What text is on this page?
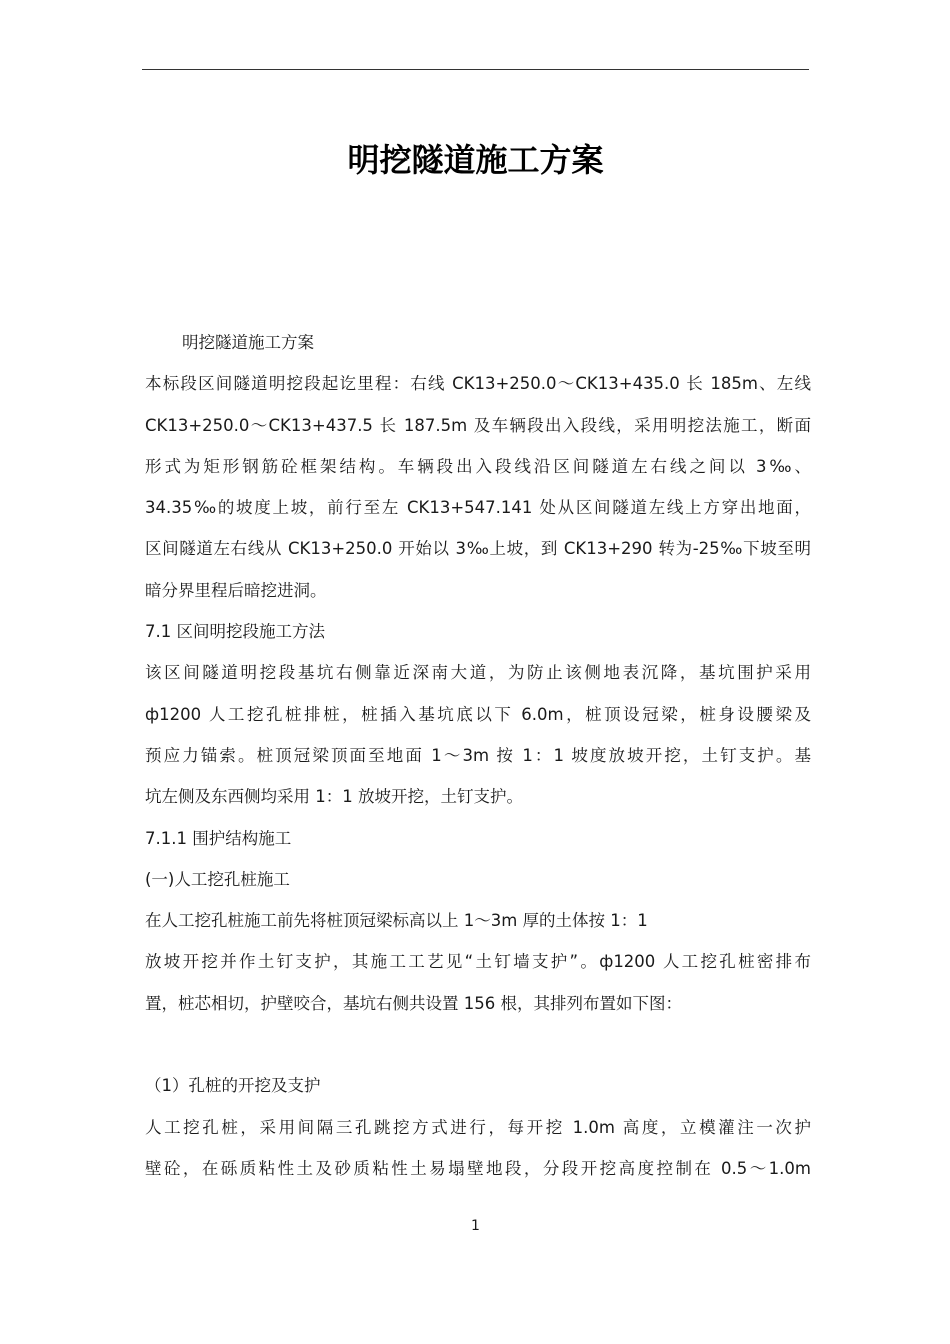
明挖隧道施工方案

明挖隧道施工方案

本标段区间隧道明挖段起讫里程：右线 CK13+250.0～CK13+435.0 长 185m、左线

CK13+250.0～CK13+437.5 长 187.5m 及车辆段出入段线，采用明挖法施工，断面

形式为矩形钢筋砼框架结构。车辆段出入段线沿区间隧道左右线之间以 3‰、

34.35‰的坡度上坡，前行至左 CK13+547.141 处从区间隧道左线上方穿出地面，

区间隧道左右线从 CK13+250.0 开始以 3‰上坡，到 CK13+290 转为-25‰下坡至明

暗分界里程后暗挖进洞。

7.1 区间明挖段施工方法

该区间隧道明挖段基坑右侧靠近深南大道，为防止该侧地表沉降，基坑围护采用

ф1200 人工挖孔桩排桩，桩插入基坑底以下 6.0m，桩顶设冠梁，桩身设腰梁及

预应力锚索。桩顶冠梁顶面至地面 1～3m 按 1：1 坡度放坡开挖，土钉支护。基

坑左侧及东西侧均采用 1：1 放坡开挖，土钉支护。

7.1.1 围护结构施工

(一)人工挖孔桩施工

在人工挖孔桩施工前先将桩顶冠梁标高以上 1～3m 厚的土体按 1：1

放坡开挖并作土钉支护，其施工工艺见“土钉墙支护”。ф1200 人工挖孔桩密排布

置，桩芯相切，护壁咬合，基坑右侧共设置 156 根，其排列布置如下图：

（1）孔桩的开挖及支护

人工挖孔桩，采用间隔三孔跳挖方式进行，每开挖 1.0m 高度，立模灌注一次护

壁砼，在砾质粘性土及砂质粘性土易塌壁地段，分段开挖高度控制在 0.5～1.0m

1
